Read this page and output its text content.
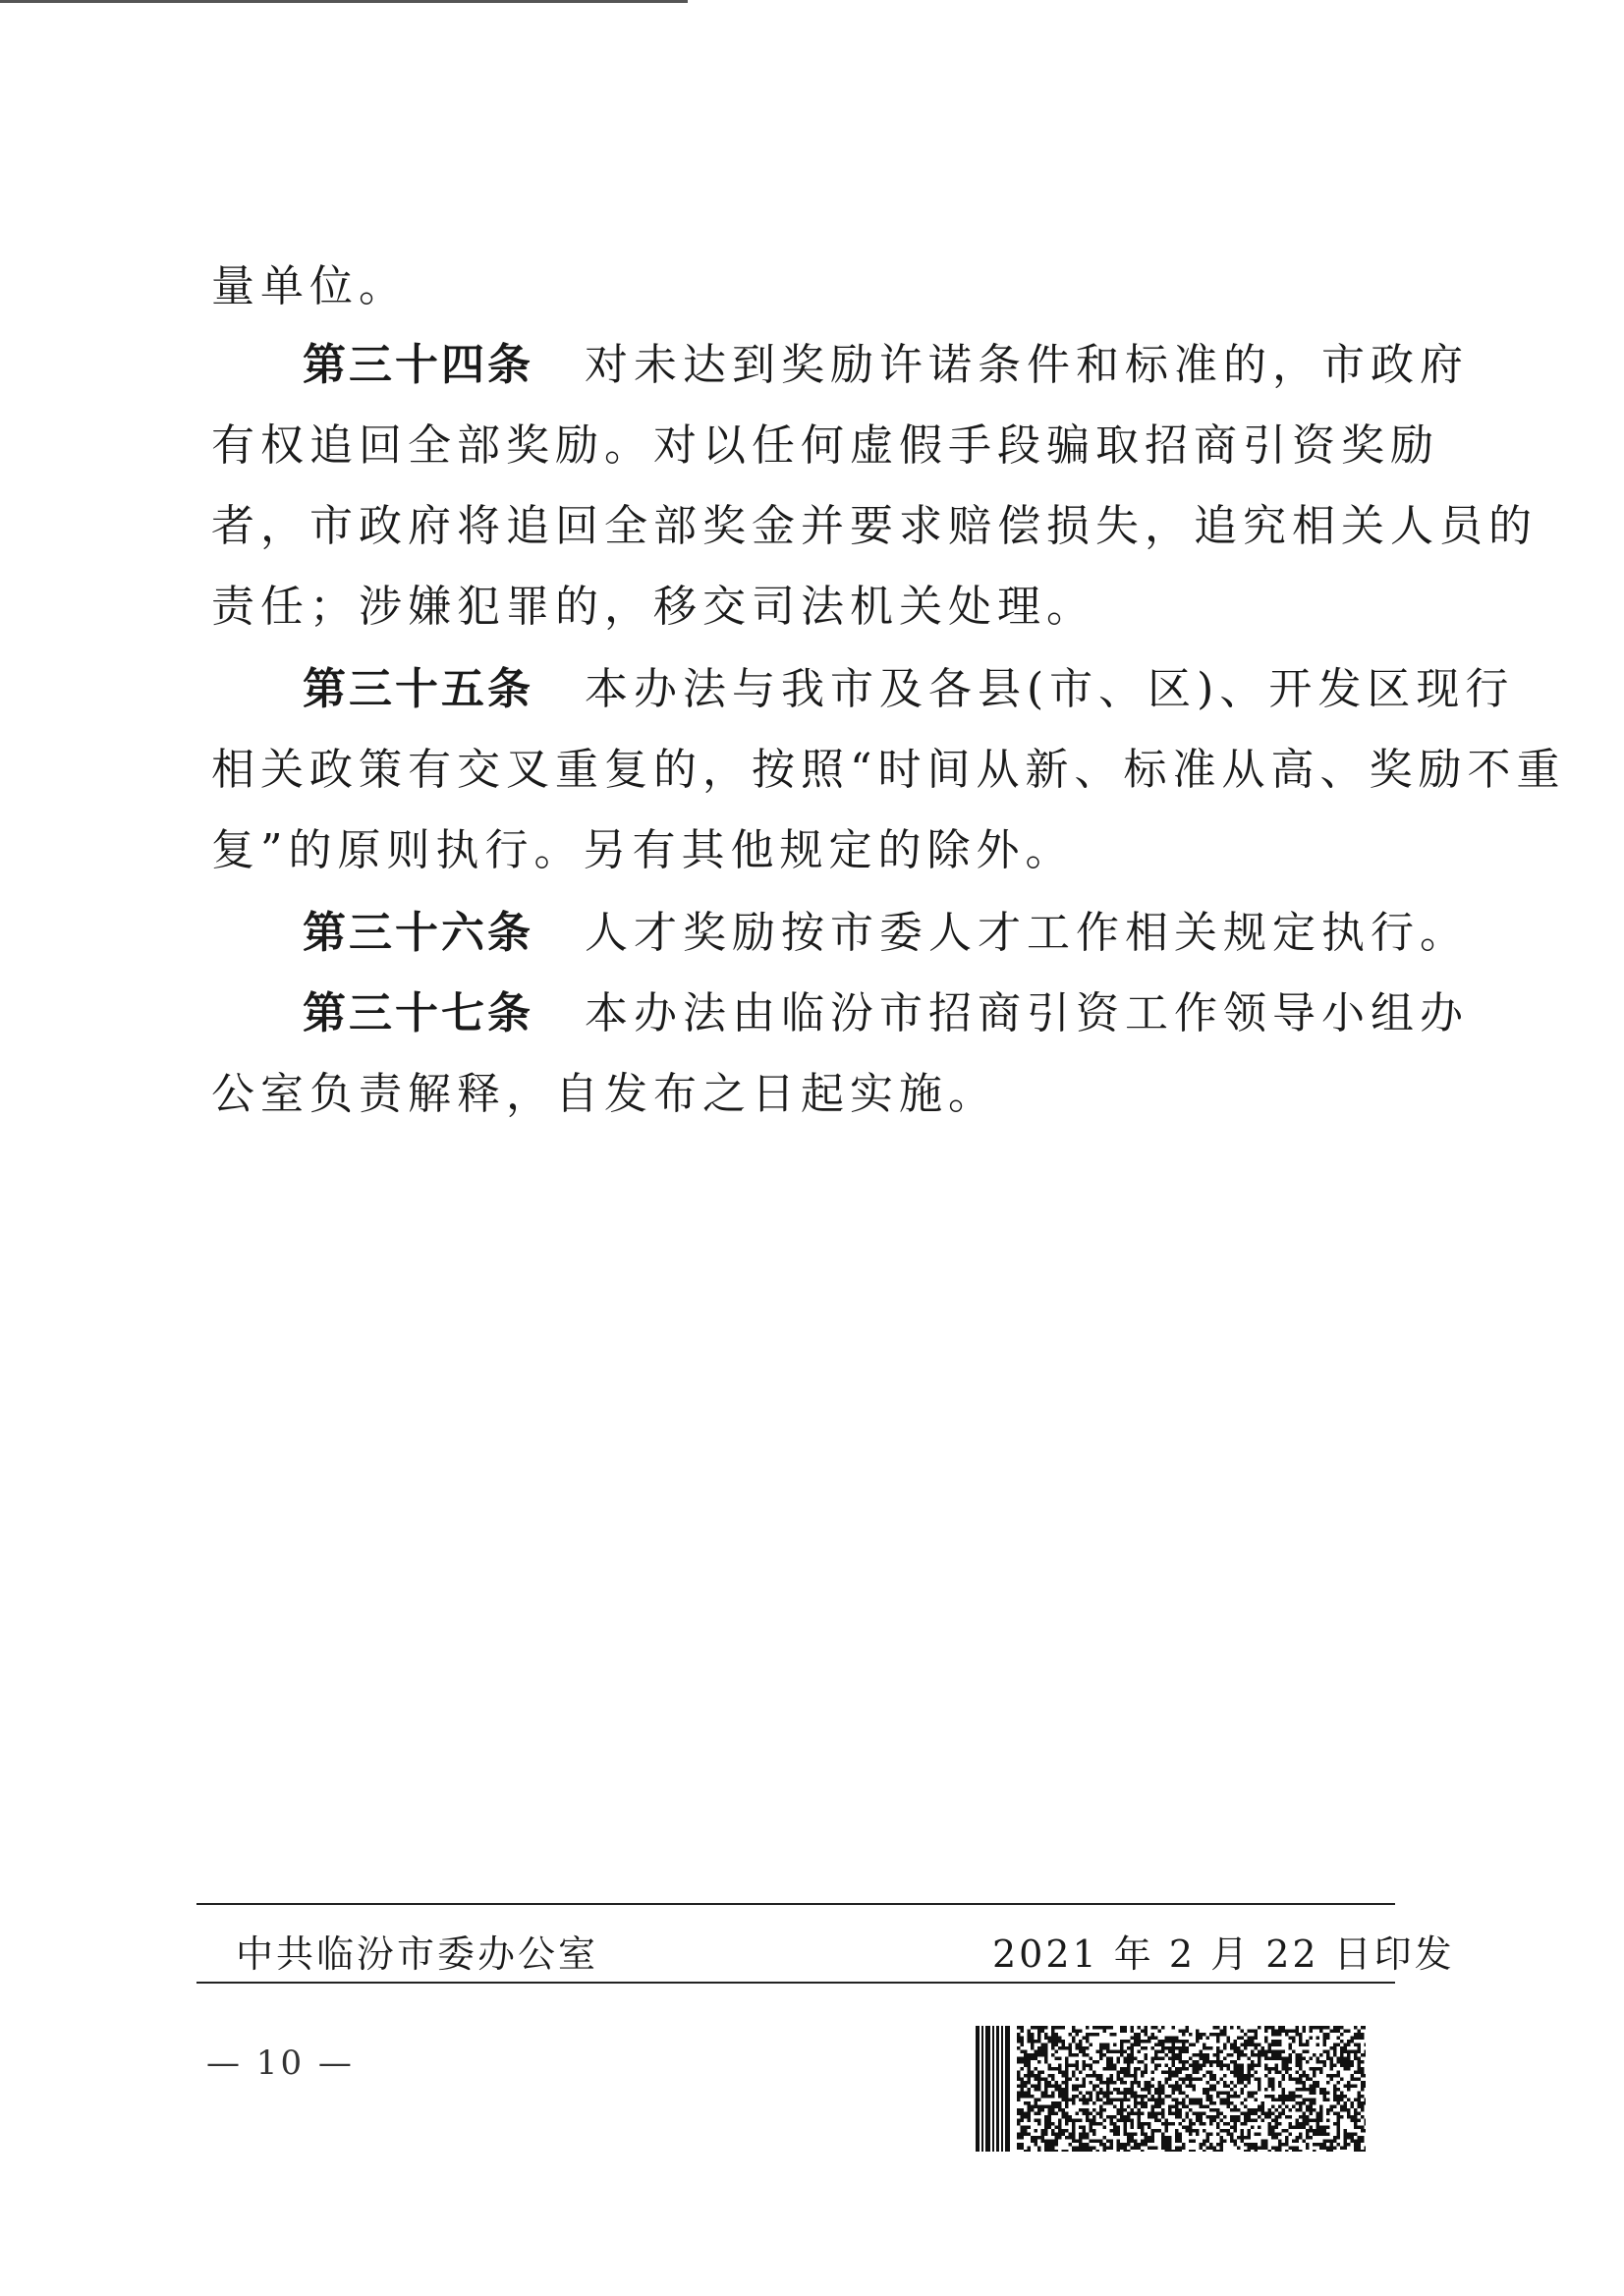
量单位。
第三十四条 对未达到奖励许诺条件和标准的，市政府
有权追回全部奖励。对以任何虚假手段骗取招商引资奖励
者，市政府将追回全部奖金并要求赔偿损失，追究相关人员的
责任；涉嫌犯罪的，移交司法机关处理。
第三十五条 本办法与我市及各县(市、区)、开发区现行
相关政策有交叉重复的，按照“时间从新、标准从高、奖励不重
复”的原则执行。另有其他规定的除外。
第三十六条 人才奖励按市委人才工作相关规定执行。
第三十七条 本办法由临汾市招商引资工作领导小组办
公室负责解释，自发布之日起实施。
中共临汾市委办公室	2021 年 2 月 22 日印发
— 10 —
